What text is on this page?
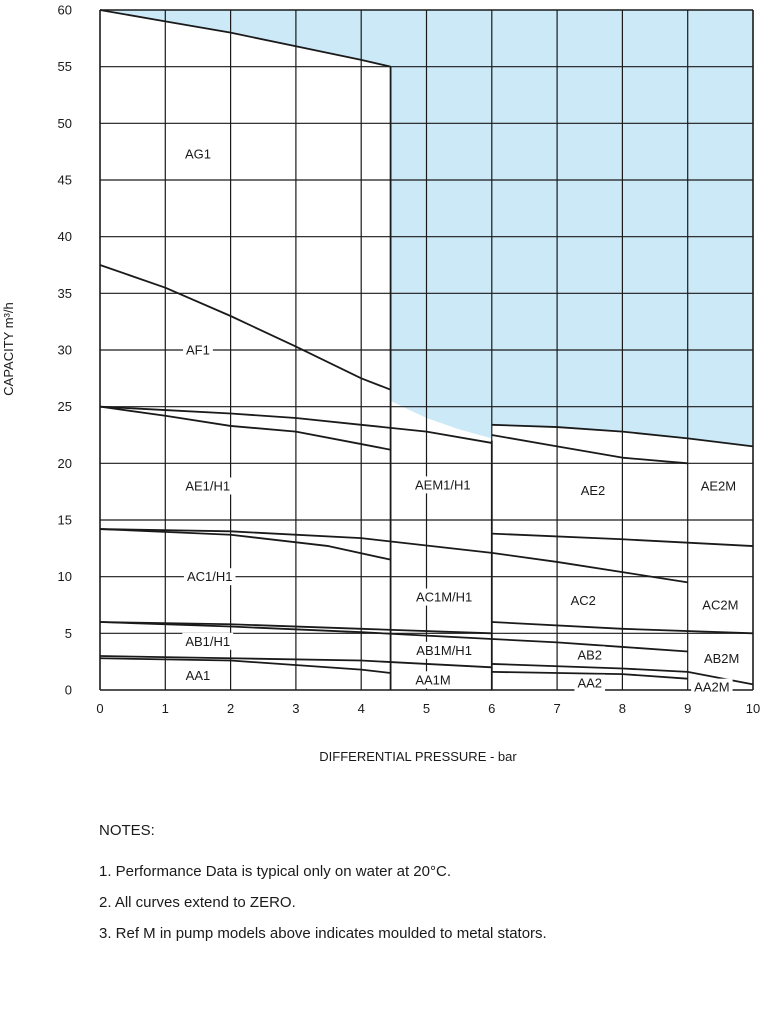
AG1
AF1
AE1/H1	AEM1/H1	AE2	AE2M
AC1/H1
AC1M/H1	AC2	AC2M
AB1/H1
AB1M/H1	AB2	AB2M
AA1	AA1M	AA2	AA2M
0	1	2	3	4	5	6	7	8	9	10
0
5
10
15
20
25
30
35
40
45
50
55
60
DIFFERENTIAL PRESSURE - bar
CAPACITY m³/h
NOTES:
1. Performance Data is typical only on water at 20°C.
2. All curves extend to ZERO.
3. Ref M in pump models above indicates moulded to metal stators.
